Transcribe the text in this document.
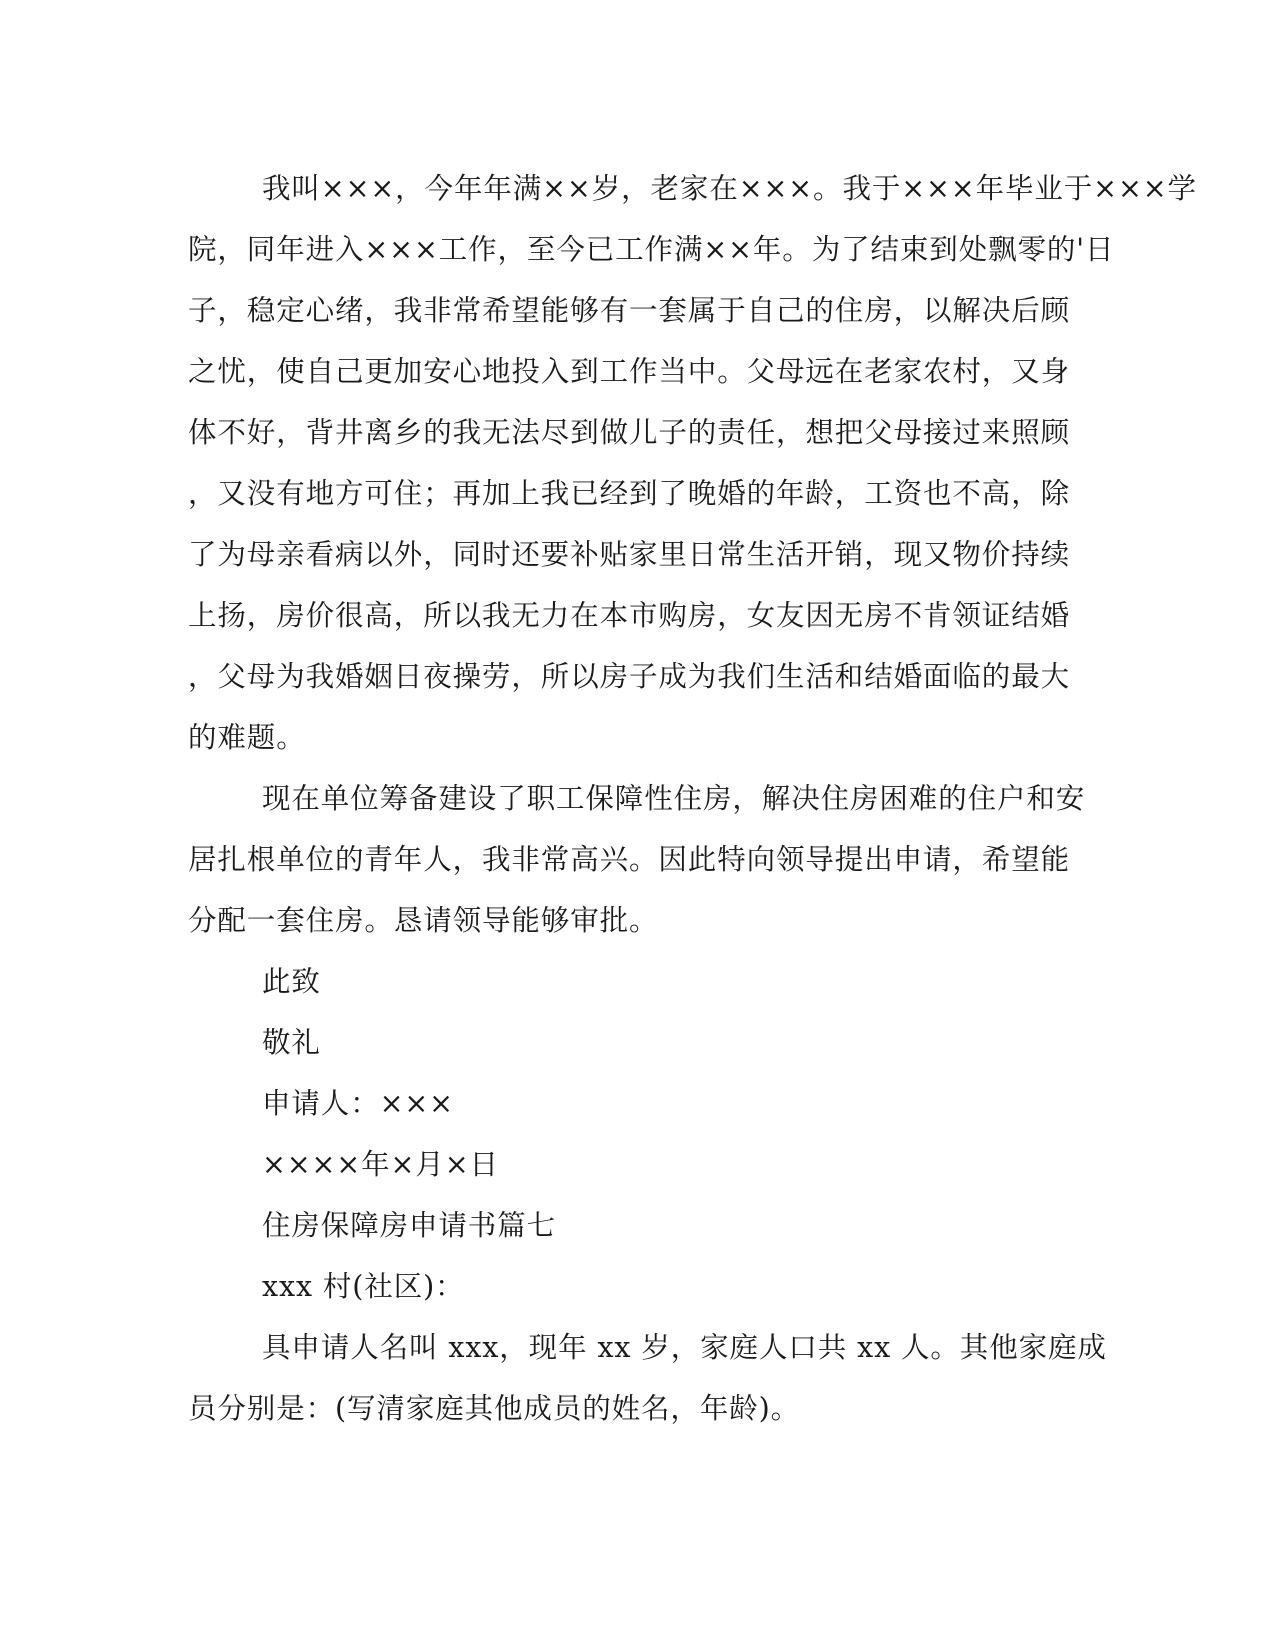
我叫×××，今年年满××岁，老家在×××。我于×××年毕业于×××学
院，同年进入×××工作，至今已工作满××年。为了结束到处飘零的'日
子，稳定心绪，我非常希望能够有一套属于自己的住房，以解决后顾
之忧，使自己更加安心地投入到工作当中。父母远在老家农村，又身
体不好，背井离乡的我无法尽到做儿子的责任，想把父母接过来照顾
，又没有地方可住；再加上我已经到了晚婚的年龄，工资也不高，除
了为母亲看病以外，同时还要补贴家里日常生活开销，现又物价持续
上扬，房价很高，所以我无力在本市购房，女友因无房不肯领证结婚
，父母为我婚姻日夜操劳，所以房子成为我们生活和结婚面临的最大
的难题。
现在单位筹备建设了职工保障性住房，解决住房困难的住户和安
居扎根单位的青年人，我非常高兴。因此特向领导提出申请，希望能
分配一套住房。恳请领导能够审批。
此致
敬礼
申请人：×××
××××年×月×日
住房保障房申请书篇七
xxx 村(社区)：
具申请人名叫 xxx，现年 xx 岁，家庭人口共 xx 人。其他家庭成
员分别是：(写清家庭其他成员的姓名，年龄)。
